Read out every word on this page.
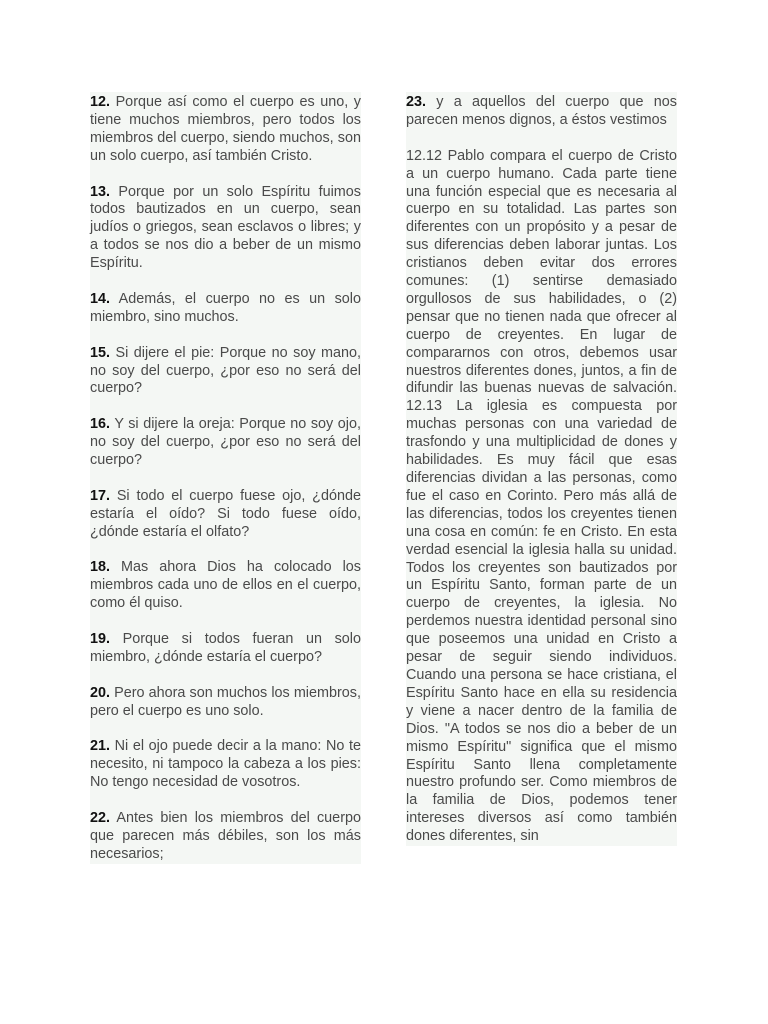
12. Porque así como el cuerpo es uno, y tiene muchos miembros, pero todos los miembros del cuerpo, siendo muchos, son un solo cuerpo, así también Cristo.

13. Porque por un solo Espíritu fuimos todos bautizados en un cuerpo, sean judíos o griegos, sean esclavos o libres; y a todos se nos dio a beber de un mismo Espíritu.

14. Además, el cuerpo no es un solo miembro, sino muchos.

15. Si dijere el pie: Porque no soy mano, no soy del cuerpo, ¿por eso no será del cuerpo?

16. Y si dijere la oreja: Porque no soy ojo, no soy del cuerpo, ¿por eso no será del cuerpo?

17. Si todo el cuerpo fuese ojo, ¿dónde estaría el oído? Si todo fuese oído, ¿dónde estaría el olfato?

18. Mas ahora Dios ha colocado los miembros cada uno de ellos en el cuerpo, como él quiso.

19. Porque si todos fueran un solo miembro, ¿dónde estaría el cuerpo?

20. Pero ahora son muchos los miembros, pero el cuerpo es uno solo.

21. Ni el ojo puede decir a la mano: No te necesito, ni tampoco la cabeza a los pies: No tengo necesidad de vosotros.

22. Antes bien los miembros del cuerpo que parecen más débiles, son los más necesarios;

23. y a aquellos del cuerpo que nos parecen menos dignos, a éstos vestimos

12.12 Pablo compara el cuerpo de Cristo a un cuerpo humano. Cada parte tiene una función especial que es necesaria al cuerpo en su totalidad. Las partes son diferentes con un propósito y a pesar de sus diferencias deben laborar juntas. Los cristianos deben evitar dos errores comunes: (1) sentirse demasiado orgullosos de sus habilidades, o (2) pensar que no tienen nada que ofrecer al cuerpo de creyentes. En lugar de compararnos con otros, debemos usar nuestros diferentes dones, juntos, a fin de difundir las buenas nuevas de salvación. 12.13 La iglesia es compuesta por muchas personas con una variedad de trasfondo y una multiplicidad de dones y habilidades. Es muy fácil que esas diferencias dividan a las personas, como fue el caso en Corinto. Pero más allá de las diferencias, todos los creyentes tienen una cosa en común: fe en Cristo. En esta verdad esencial la iglesia halla su unidad. Todos los creyentes son bautizados por un Espíritu Santo, forman parte de un cuerpo de creyentes, la iglesia. No perdemos nuestra identidad personal sino que poseemos una unidad en Cristo a pesar de seguir siendo individuos. Cuando una persona se hace cristiana, el Espíritu Santo hace en ella su residencia y viene a nacer dentro de la familia de Dios. "A todos se nos dio a beber de un mismo Espíritu" significa que el mismo Espíritu Santo llena completamente nuestro profundo ser. Como miembros de la familia de Dios, podemos tener intereses diversos así como también dones diferentes, sin
